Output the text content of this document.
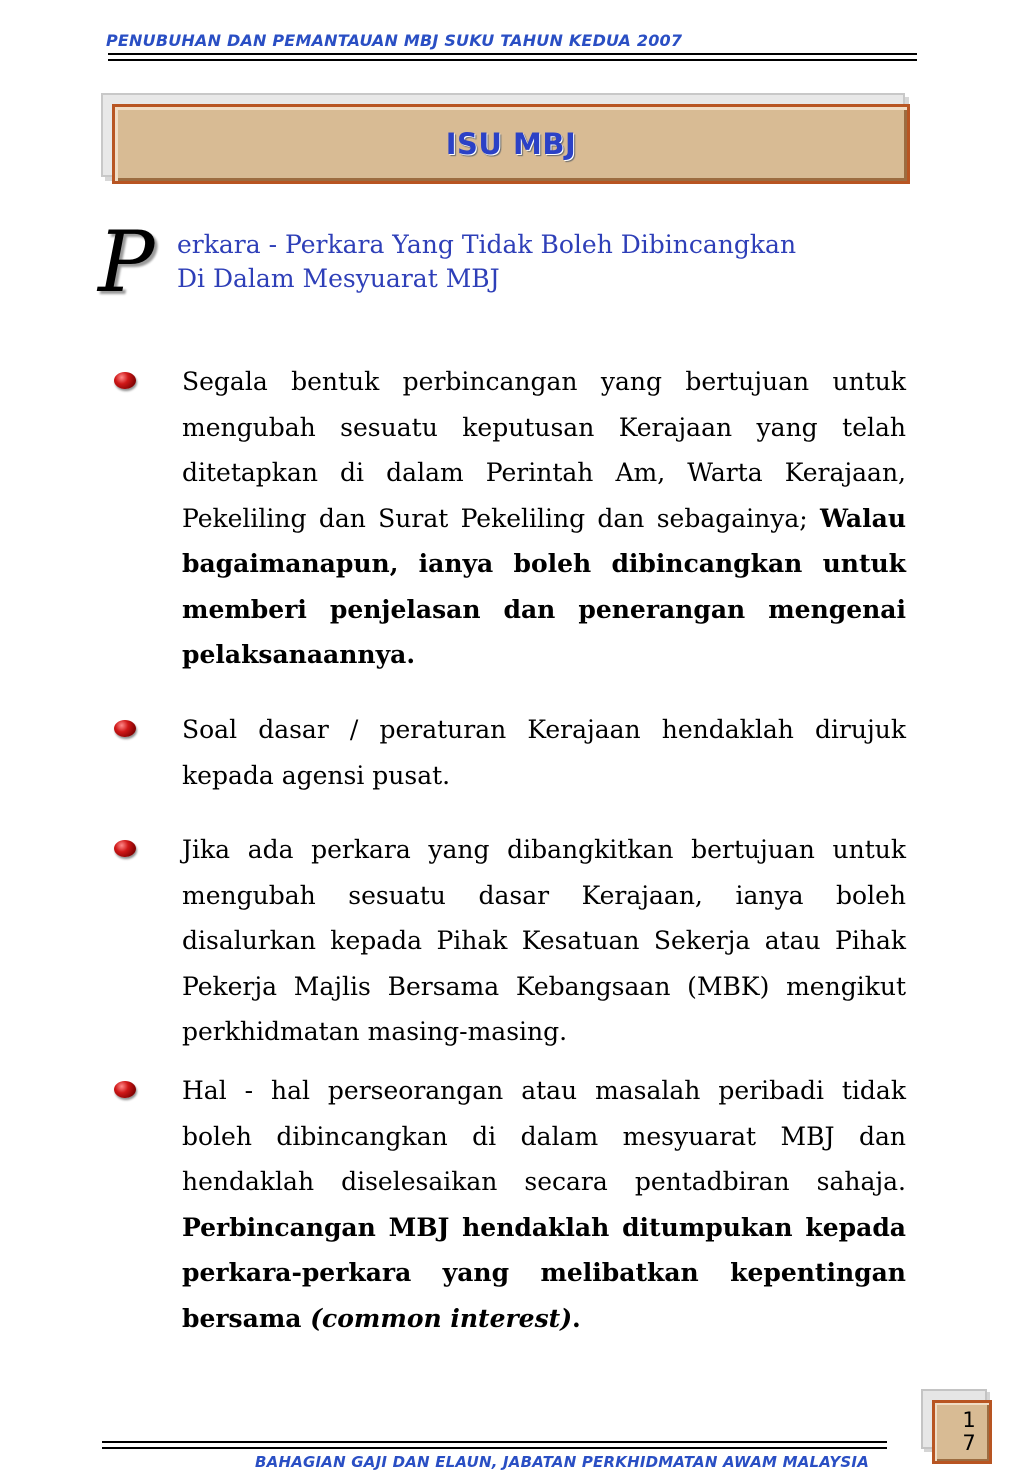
PENUBUHAN DAN PEMANTAUAN MBJ SUKU TAHUN KEDUA 2007
ISU MBJ
P erkara - Perkara Yang Tidak Boleh Dibincangkan
Di Dalam Mesyuarat MBJ

Segala bentuk perbincangan yang bertujuan untuk mengubah sesuatu keputusan Kerajaan yang telah ditetapkan di dalam Perintah Am, Warta Kerajaan, Pekeliling dan Surat Pekeliling dan sebagainya; Walau bagaimanapun, ianya boleh dibincangkan untuk memberi penjelasan dan penerangan mengenai pelaksanaannya.

Soal dasar / peraturan Kerajaan hendaklah dirujuk kepada agensi pusat.

Jika ada perkara yang dibangkitkan bertujuan untuk mengubah sesuatu dasar Kerajaan, ianya boleh disalurkan kepada Pihak Kesatuan Sekerja atau Pihak Pekerja Majlis Bersama Kebangsaan (MBK) mengikut perkhidmatan masing-masing.

Hal - hal perseorangan atau masalah peribadi tidak boleh dibincangkan di dalam mesyuarat MBJ dan hendaklah diselesaikan secara pentadbiran sahaja. Perbincangan MBJ hendaklah ditumpukan kepada perkara-perkara yang melibatkan kepentingan bersama (common interest).

1
7
BAHAGIAN GAJI DAN ELAUN, JABATAN PERKHIDMATAN AWAM MALAYSIA
